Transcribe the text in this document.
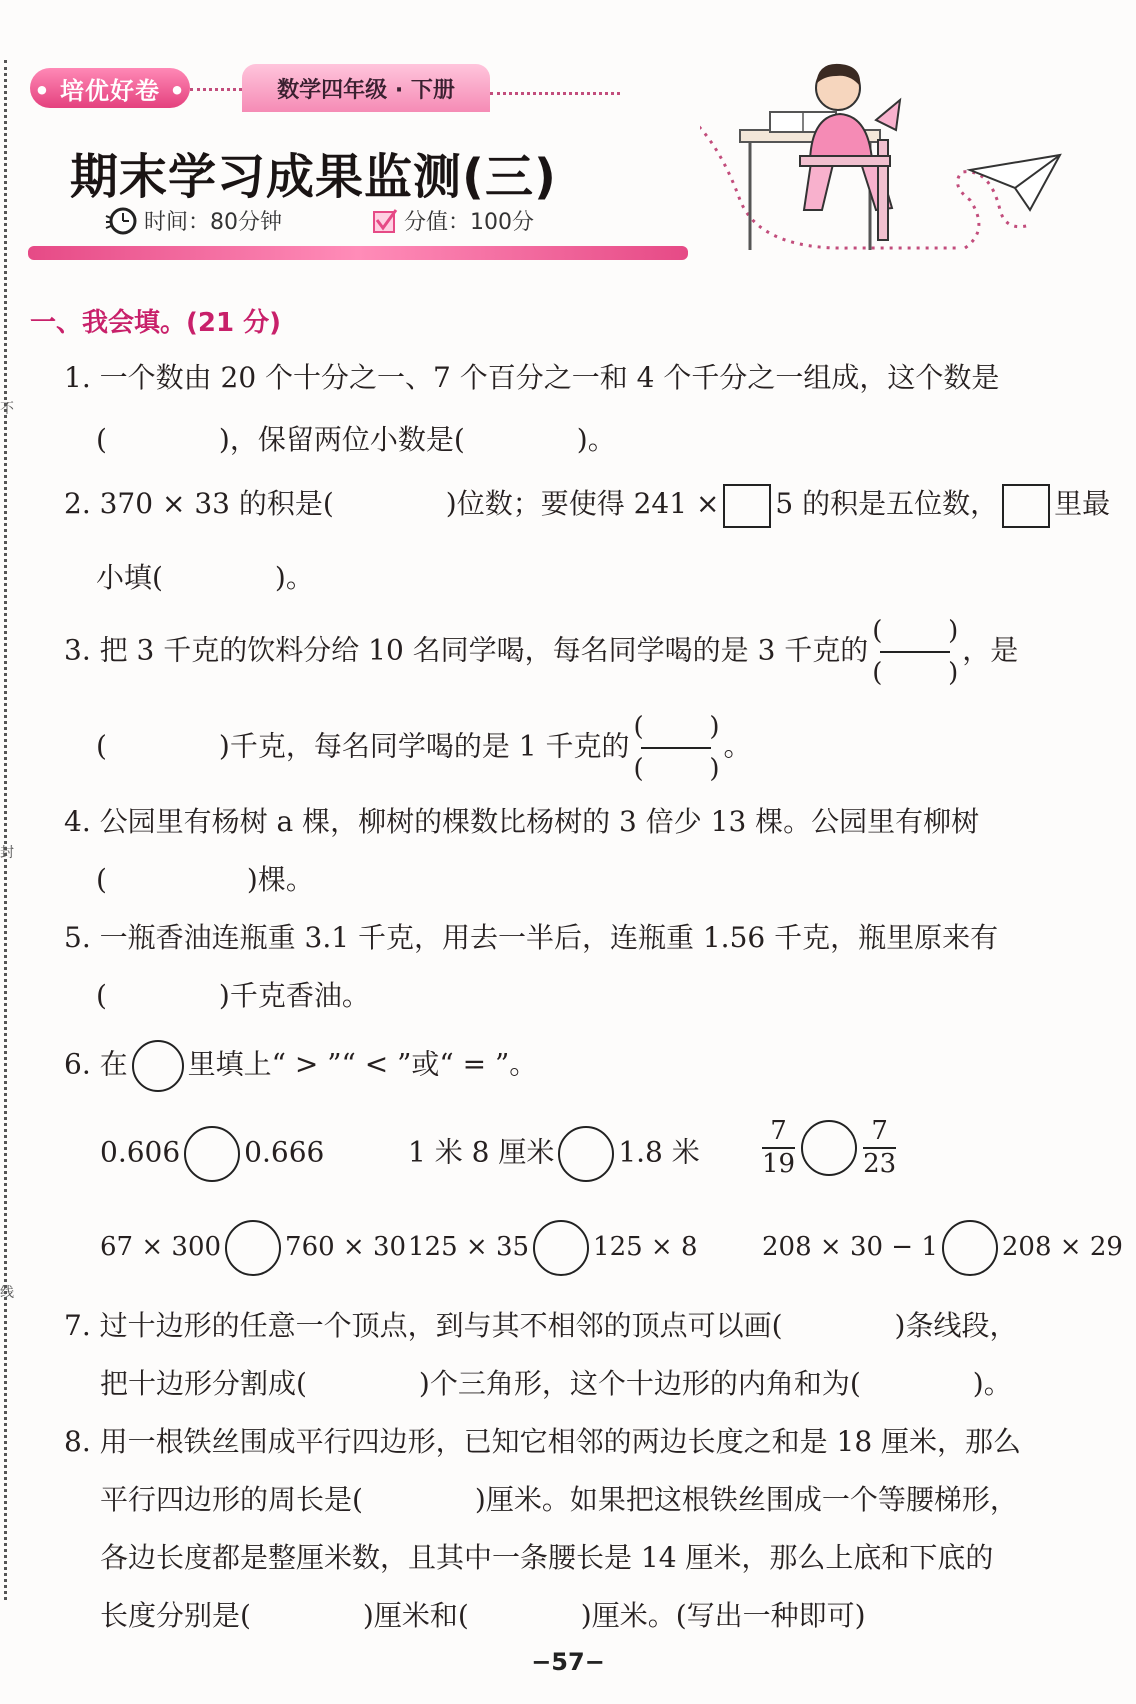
不
封
线
• 培优好卷 •	数学四年级 · 下册
期末学习成果监测(三)
时间：80分钟	分值：100分
一、我会填。(21 分)
1. 一个数由 20 个十分之一、7 个百分之一和 4 个千分之一组成，这个数是
(　　　　)，保留两位小数是(　　　　)。
2. 370 × 33 的积是(　　　　)位数；要使得 241 × 5 的积是五位数， 里最
小填(　　　　)。
3. 把 3 千克的饮料分给 10 名同学喝，每名同学喝的是 3 千克的
(	)
(	)
，是
(　　　　)千克，每名同学喝的是 1 千克的
(	)
(	)
。
4. 公园里有杨树 a 棵，柳树的棵数比杨树的 3 倍少 13 棵。公园里有柳树
(　　　　　)棵。
5. 一瓶香油连瓶重 3.1 千克，用去一半后，连瓶重 1.56 千克，瓶里原来有
(　　　　)千克香油。
6. 在 里填上“ > ”“ < ”或“ = ”。
0.606 0.666	1 米 8 厘米 1.8 米 $\frac{7}{19}$	$\frac{7}{23}$
67 × 300 760 × 30 125 × 35 125 × 8 208 × 30 − 1 208 × 29
7. 过十边形的任意一个顶点，到与其不相邻的顶点可以画(　　　　)条线段，
把十边形分割成(　　　　)个三角形，这个十边形的内角和为(　　　　)。
8. 用一根铁丝围成平行四边形，已知它相邻的两边长度之和是 18 厘米，那么
平行四边形的周长是(　　　　)厘米。如果把这根铁丝围成一个等腰梯形，
各边长度都是整厘米数，且其中一条腰长是 14 厘米，那么上底和下底的
长度分别是(　　　　)厘米和(　　　　)厘米。(写出一种即可)
−57−
